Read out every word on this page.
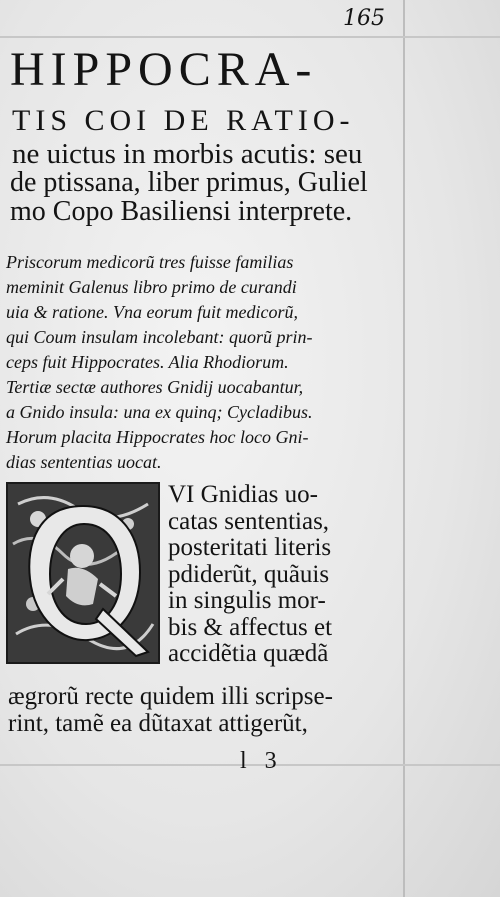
165
HIPPOCRA-
TIS COI DE RATIO-
ne uictus in morbis acutis: seu
de ptissana, liber primus, Guliel
mo Copo Basiliensi interprete.
Priscorum medicorũ tres fuisse familias
meminit Galenus libro primo de curandi
uia & ratione. Vna eorum fuit medicorũ,
qui Coum insulam incolebant: quorũ prin-
ceps fuit Hippocrates. Alia Rhodiorum.
Tertiæ sectæ authores Gnidij uocabantur,
a Gnido insula: una ex quinq; Cycladibus.
Horum placita Hippocrates hoc loco Gni-
dias sententias uocat.
VI Gnidias uo-
catas sententias,
posteritati literis
pdiderũt, quãuis
in singulis mor-
bis & affectus et
accidẽtia quædã
ægrorũ recte quidem illi scripse-
rint, tamẽ ea dũtaxat attigerũt,
l 3
